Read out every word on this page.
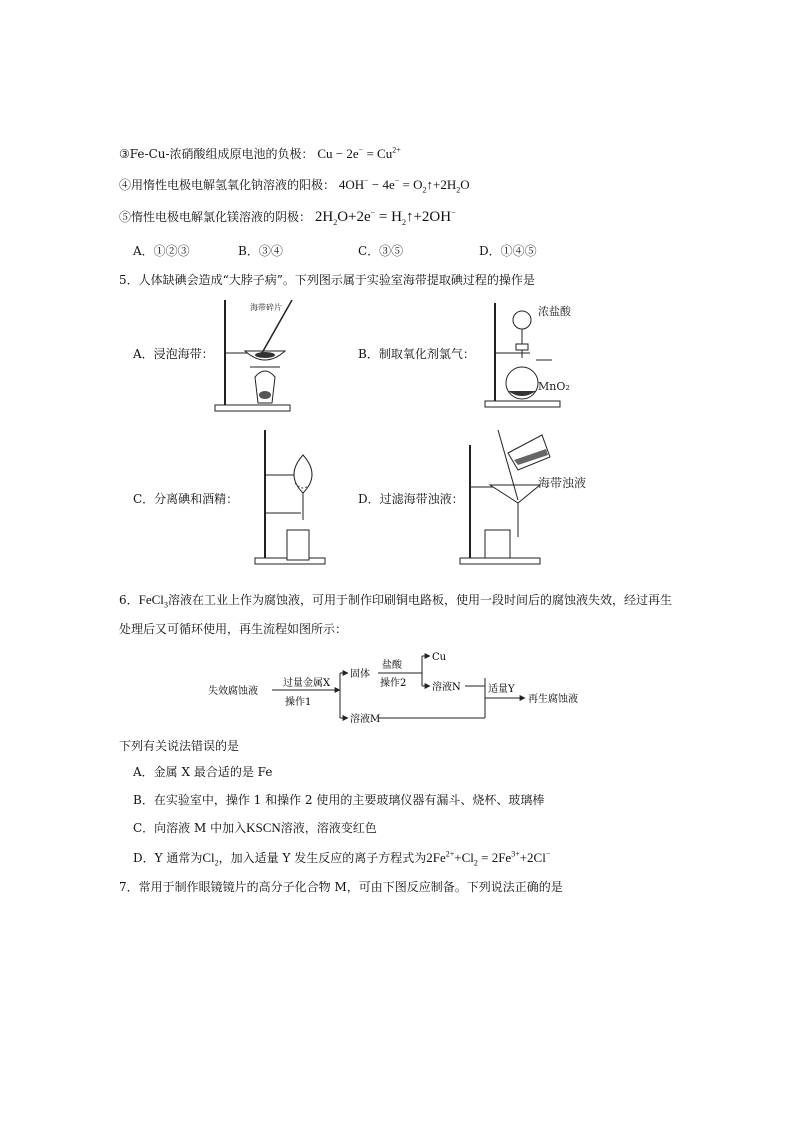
③Fe-Cu-浓硝酸组成原电池的负极： $Cu - 2e^- = Cu^{2+}$
④用惰性电极电解氢氧化钠溶液的阳极： $4OH^- - 4e^- = O_2↑+2H_2O$
⑤惰性电极电解氯化镁溶液的阴极： $2H_2O+2e^-$ = $H_2↑+2OH^-$
A．①②③	B．③④	C．③⑤	D．①④⑤
5．人体缺碘会造成“大脖子病”。下列图示属于实验室海带提取碘过程的操作是
A．浸泡海带：
海带碎片
B．制取氧化剂氯气：
浓盐酸
MnO₂
C．分离碘和酒精：	D．过滤海带浊液：
海带浊液
6．FeCl$_3$溶液在工业上作为腐蚀液，可用于制作印刷铜电路板，使用一段时间后的腐蚀液失效，经过再生
处理后又可循环使用，再生流程如图所示：
失效腐蚀液
过量金属X
操作1
固体
溶液M
盐酸
操作2
Cu
溶液N	适量Y
再生腐蚀液
下列有关说法错误的是
A．金属 X 最合适的是 Fe
B．在实验室中，操作 1 和操作 2 使用的主要玻璃仪器有漏斗、烧杯、玻璃棒
C．向溶液 M 中加入KSCN溶液，溶液变红色
D．Y 通常为$Cl_2$，加入适量 Y 发生反应的离子方程式为$2Fe^{2+}+Cl_2 = 2Fe^{3+}+2Cl^-$
7．常用于制作眼镜镜片的高分子化合物 M，可由下图反应制备。下列说法正确的是
